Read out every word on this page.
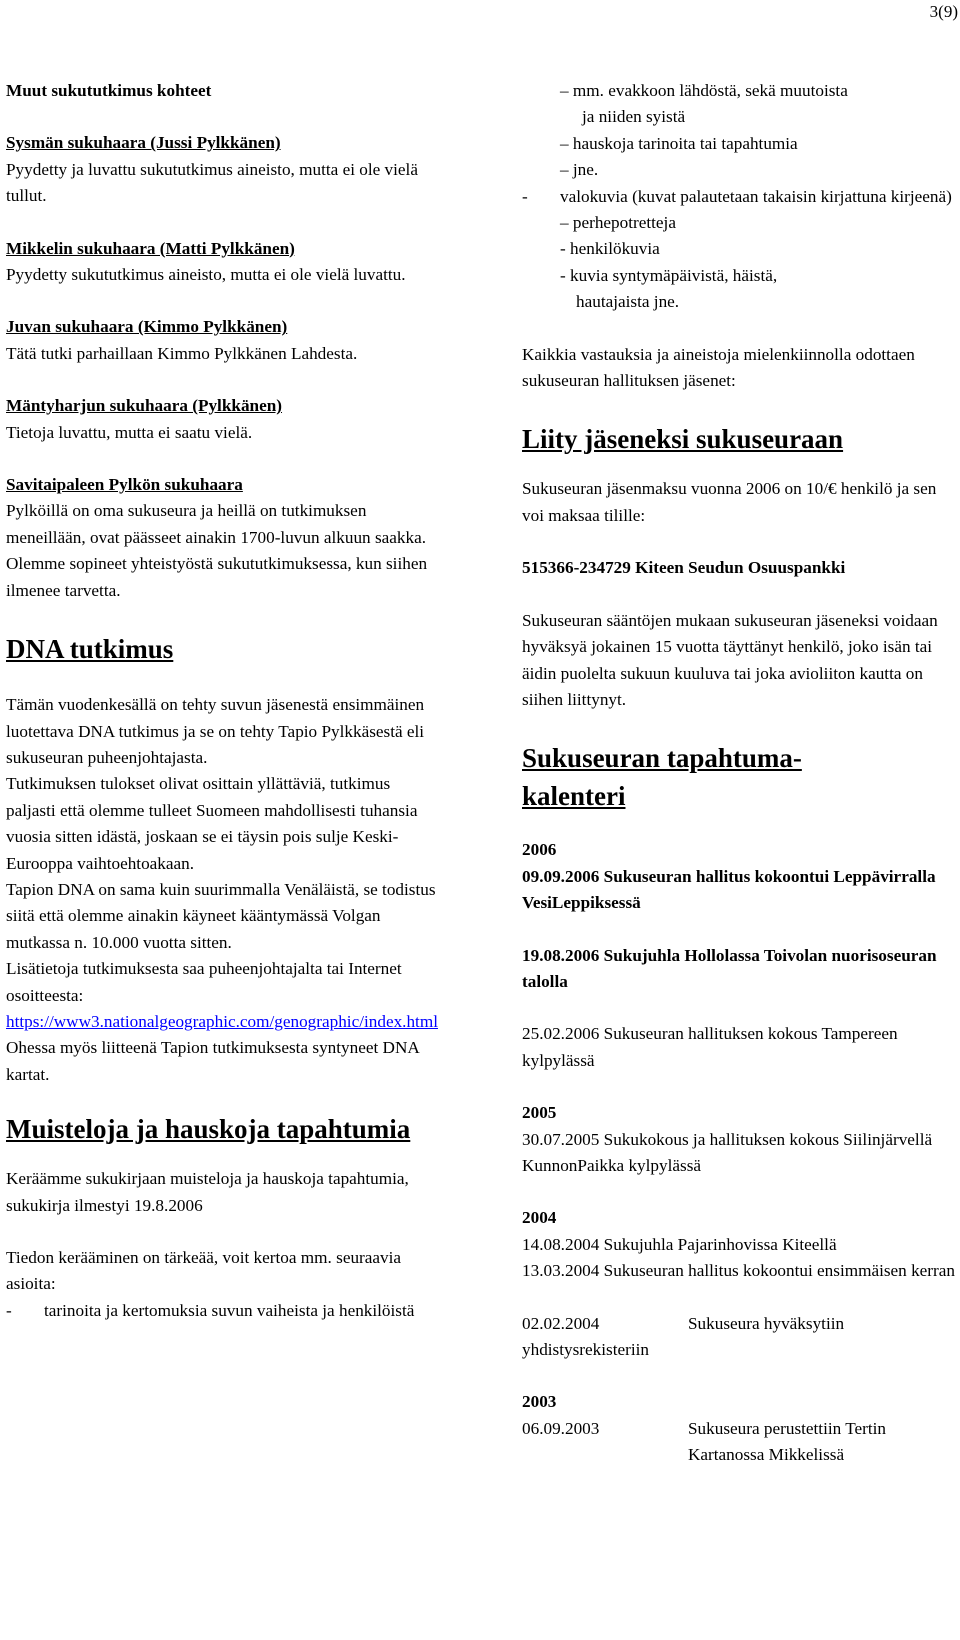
3(9)
Muut sukututkimus kohteet
Sysmän sukuhaara (Jussi Pylkkänen)
Pyydetty ja luvattu sukututkimus aineisto, mutta ei ole vielä tullut.
Mikkelin sukuhaara (Matti Pylkkänen)
Pyydetty sukututkimus aineisto, mutta ei ole vielä luvattu.
Juvan sukuhaara (Kimmo Pylkkänen)
Tätä tutki parhaillaan Kimmo Pylkkänen Lahdesta.
Mäntyharjun sukuhaara (Pylkkänen)
Tietoja luvattu, mutta ei saatu vielä.
Savitaipaleen Pylkön sukuhaara
Pylköillä on oma sukuseura ja heillä on tutkimuksen meneillään, ovat päässeet ainakin 1700-luvun alkuun saakka. Olemme sopineet yhteistyöstä sukututkimuksessa, kun siihen ilmenee tarvetta.
DNA tutkimus
Tämän vuodenkesällä on tehty suvun jäsenestä ensimmäinen luotettava DNA tutkimus ja se on tehty Tapio Pylkkäsestä eli sukuseuran puheenjohtajasta.
Tutkimuksen tulokset olivat osittain yllättäviä, tutkimus paljasti että olemme tulleet Suomeen mahdollisesti tuhansia vuosia sitten idästä, joskaan se ei täysin pois sulje Keski-Eurooppa vaihtoehtoakaan.
Tapion DNA on sama kuin suurimmalla Venäläistä, se todistus siitä että olemme ainakin käyneet kääntymässä Volgan mutkassa n. 10.000 vuotta sitten.
Lisätietoja tutkimuksesta saa puheenjohtajalta tai Internet osoitteesta:
https://www3.nationalgeographic.com/genographic/index.html
Ohessa myös liitteenä Tapion tutkimuksesta syntyneet DNA kartat.
Muisteloja ja hauskoja tapahtumia
Keräämme sukukirjaan muisteloja ja hauskoja tapahtumia, sukukirja ilmestyi 19.8.2006
Tiedon kerääminen on tärkeää, voit kertoa mm. seuraavia asioita:
- tarinoita ja kertomuksia suvun vaiheista ja henkilöistä
– mm. evakkoon lähdöstä, sekä muutoista
ja niiden syistä
– hauskoja tarinoita tai tapahtumia
– jne.
- valokuvia (kuvat palautetaan takaisin kirjattuna kirjeenä)
– perhepotretteja
- henkilökuvia
- kuvia syntymäpäivistä, häistä,
hautajaista jne.
Kaikkia vastauksia ja aineistoja mielenkiinnolla odottaen sukuseuran hallituksen jäsenet:
Liity jäseneksi sukuseuraan
Sukuseuran jäsenmaksu vuonna 2006 on 10/€ henkilö ja sen voi maksaa tilille:
515366-234729 Kiteen Seudun Osuuspankki
Sukuseuran sääntöjen mukaan sukuseuran jäseneksi voidaan hyväksyä jokainen 15 vuotta täyttänyt henkilö, joko isän tai äidin puolelta sukuun kuuluva tai joka avioliiton kautta on siihen liittynyt.
Sukuseuran tapahtuma-
kalenteri
2006
09.09.2006 Sukuseuran hallitus kokoontui Leppävirralla VesiLeppiksessä
19.08.2006 Sukujuhla Hollolassa Toivolan nuorisoseuran talolla
25.02.2006 Sukuseuran hallituksen kokous Tampereen kylpylässä
2005
30.07.2005 Sukukokous ja hallituksen kokous Siilinjärvellä KunnonPaikka kylpylässä
2004
14.08.2004 Sukujuhla Pajarinhovissa Kiteellä
13.03.2004 Sukuseuran hallitus kokoontui ensimmäisen kerran
02.02.2004	Sukuseura hyväksytiin
yhdistysrekisteriin
2003
06.09.2003	Sukuseura perustettiin Tertin Kartanossa Mikkelissä
